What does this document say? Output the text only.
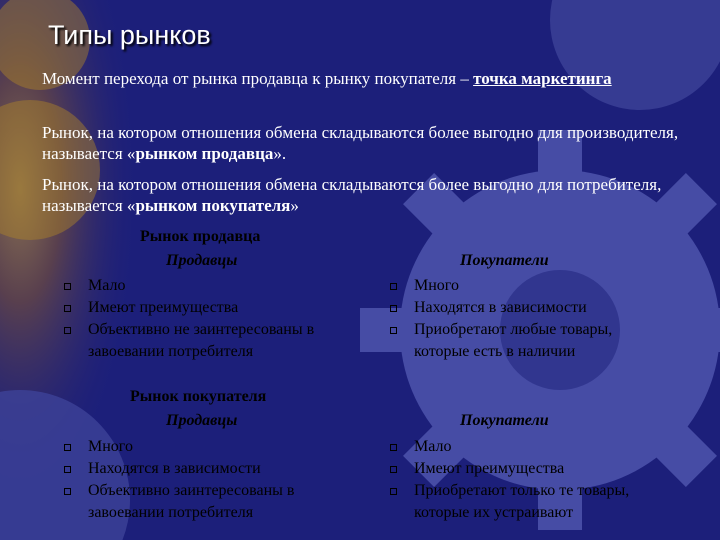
Типы рынков
Момент перехода от рынка продавца к рынку покупателя – точка маркетинга
Рынок, на котором отношения обмена складываются более выгодно для производителя, называется «рынком продавца».
Рынок, на котором отношения обмена складываются более выгодно для потребителя, называется «рынком покупателя»
Рынок продавца
Продавцы	Покупатели
Мало
Имеют преимущества
Объективно не заинтересованы в завоевании потребителя
Много
Находятся в зависимости
Приобретают любые товары, которые есть в наличии
Рынок покупателя
Продавцы	Покупатели
Много
Находятся в зависимости
Объективно заинтересованы в завоевании потребителя
Мало
Имеют преимущества
Приобретают только те товары, которые их устраивают
